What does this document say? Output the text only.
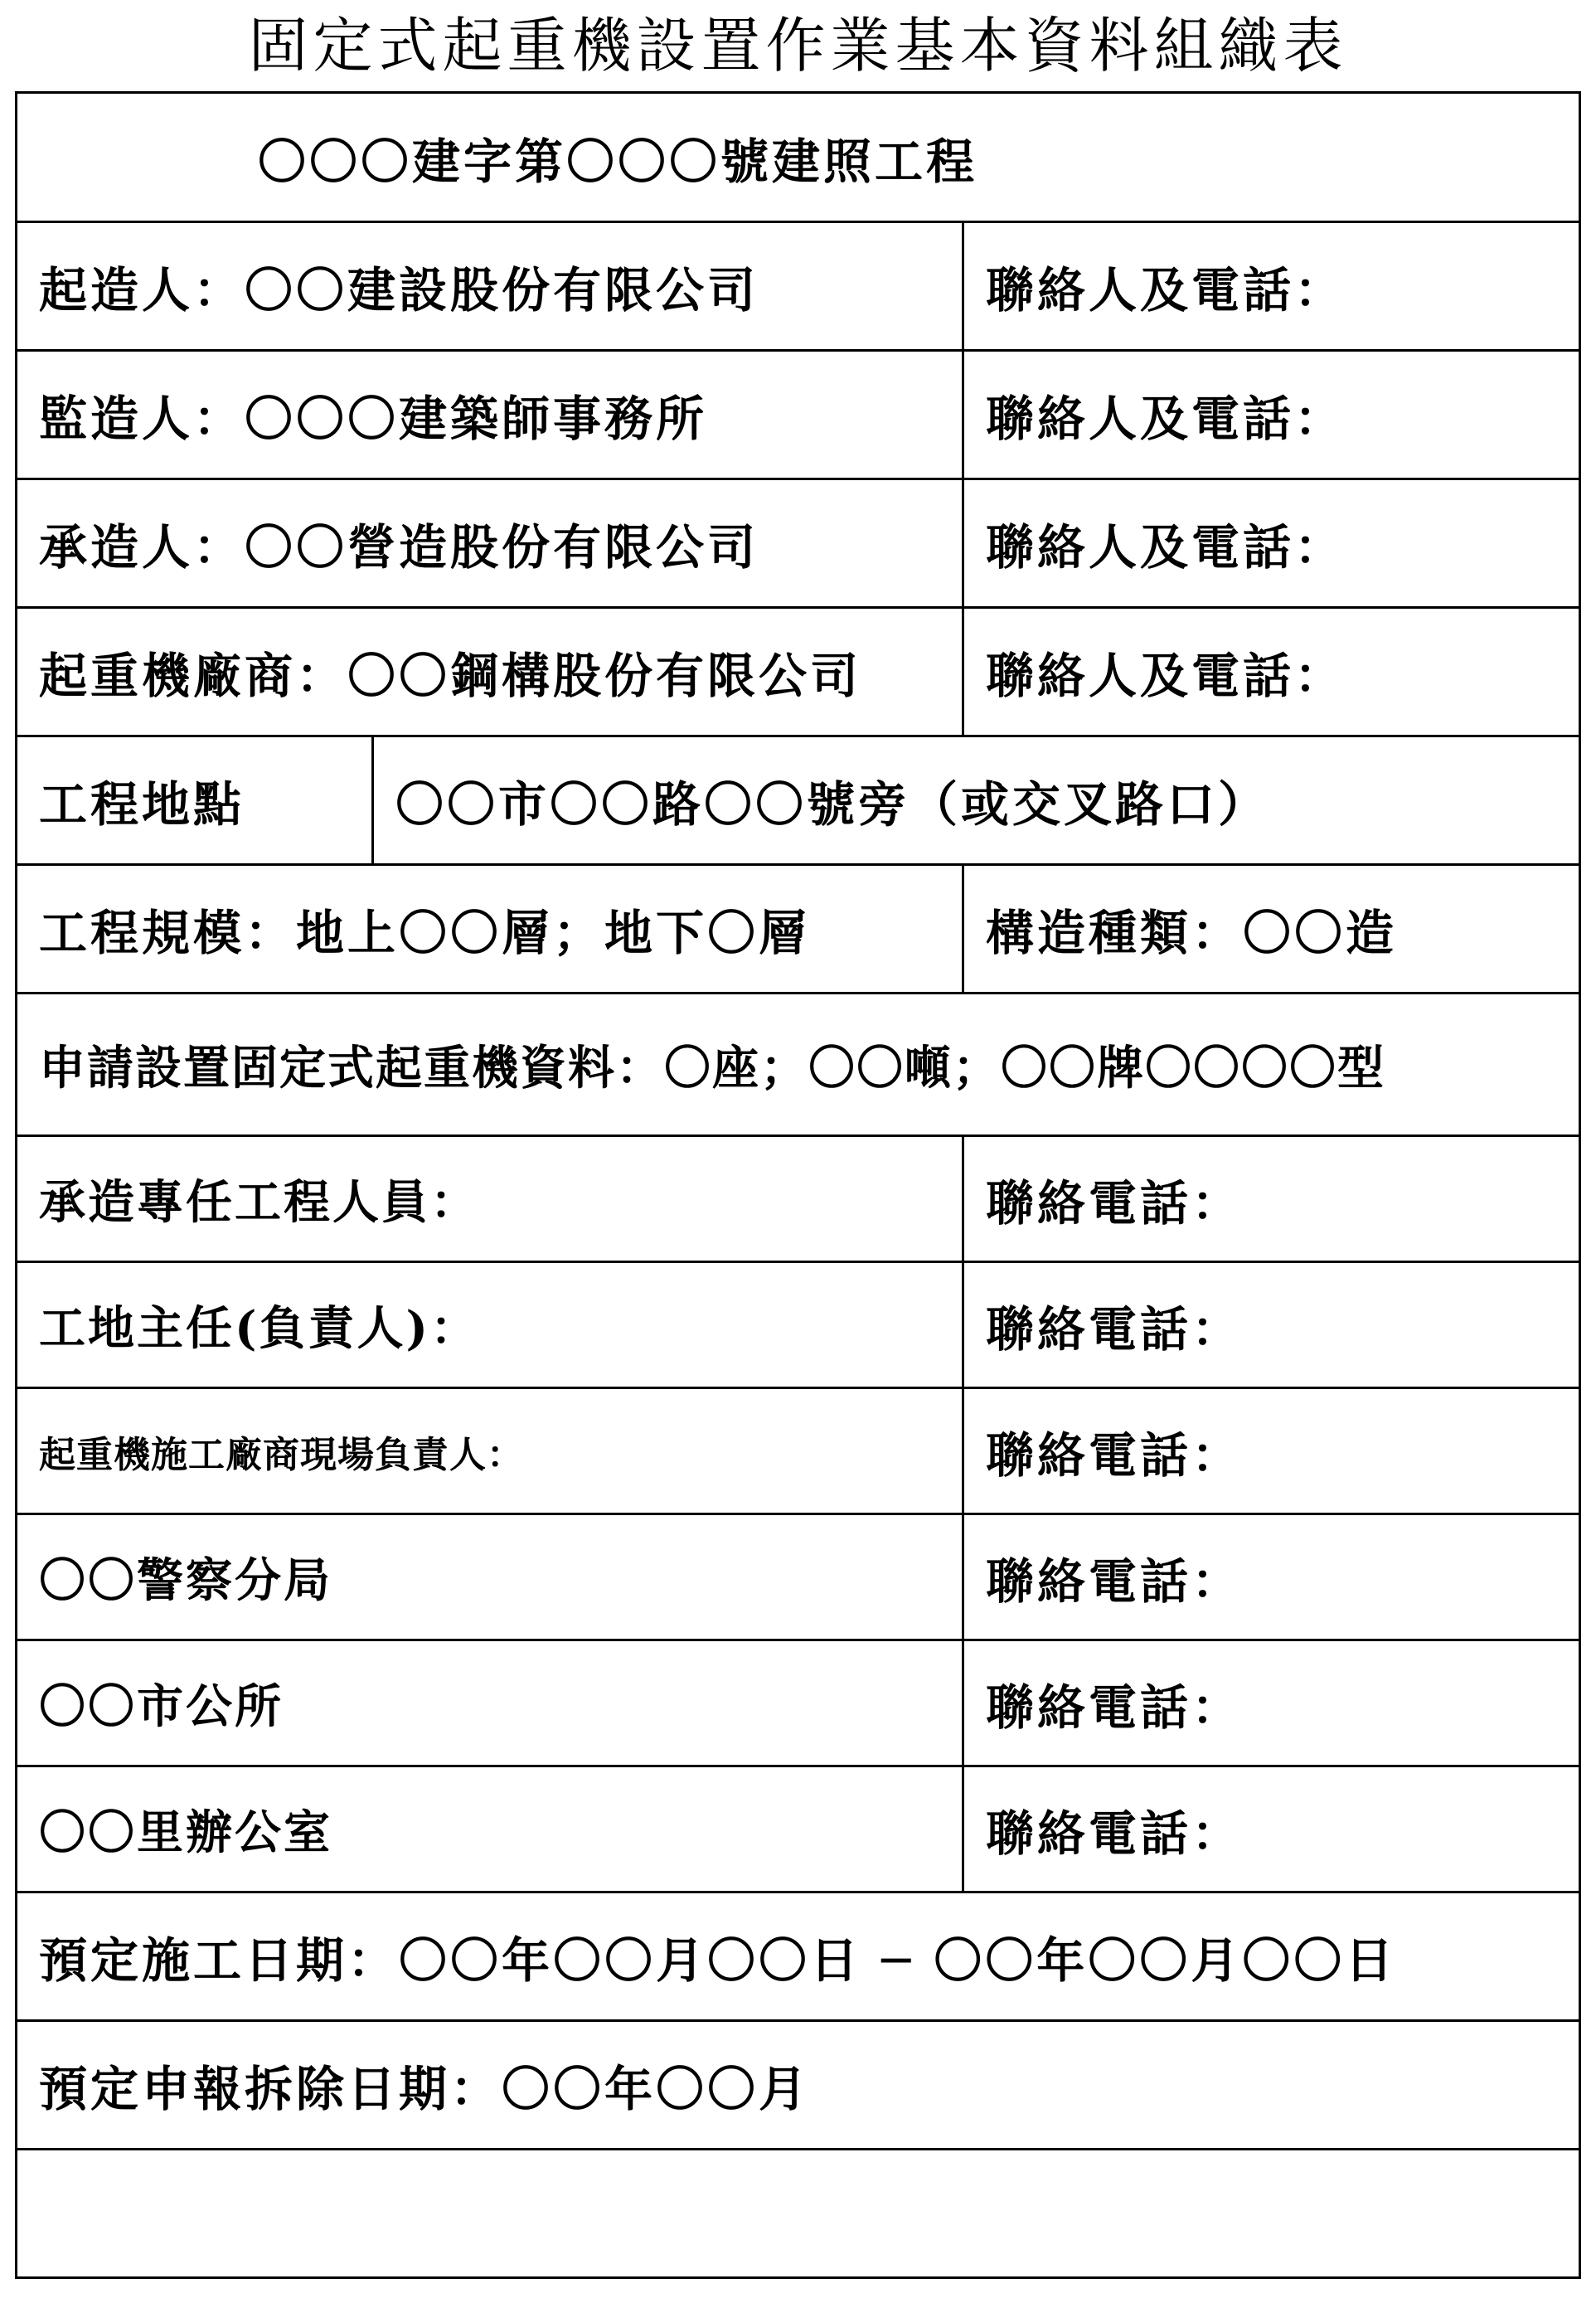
固定式起重機設置作業基本資料組織表
〇〇〇建字第〇〇〇號建照工程		
起造人：〇〇建設股份有限公司		聯絡人及電話：
監造人：〇〇〇建築師事務所		聯絡人及電話：
承造人：〇〇營造股份有限公司		聯絡人及電話：
起重機廠商：〇〇鋼構股份有限公司		聯絡人及電話：
工程地點	〇〇市〇〇路〇〇號旁（或交叉路口）	
工程規模：地上〇〇層；地下〇層		構造種類：〇〇造
申請設置固定式起重機資料：〇座；〇〇噸；〇〇牌〇〇〇〇型		
承造專任工程人員：		聯絡電話：
工地主任(負責人)：		聯絡電話：
起重機施工廠商現場負責人：		聯絡電話：
〇〇警察分局		聯絡電話：
〇〇市公所		聯絡電話：
〇〇里辦公室		聯絡電話：
預定施工日期：〇〇年〇〇月〇〇日 ─ 〇〇年〇〇月〇〇日		
預定申報拆除日期：〇〇年〇〇月		
